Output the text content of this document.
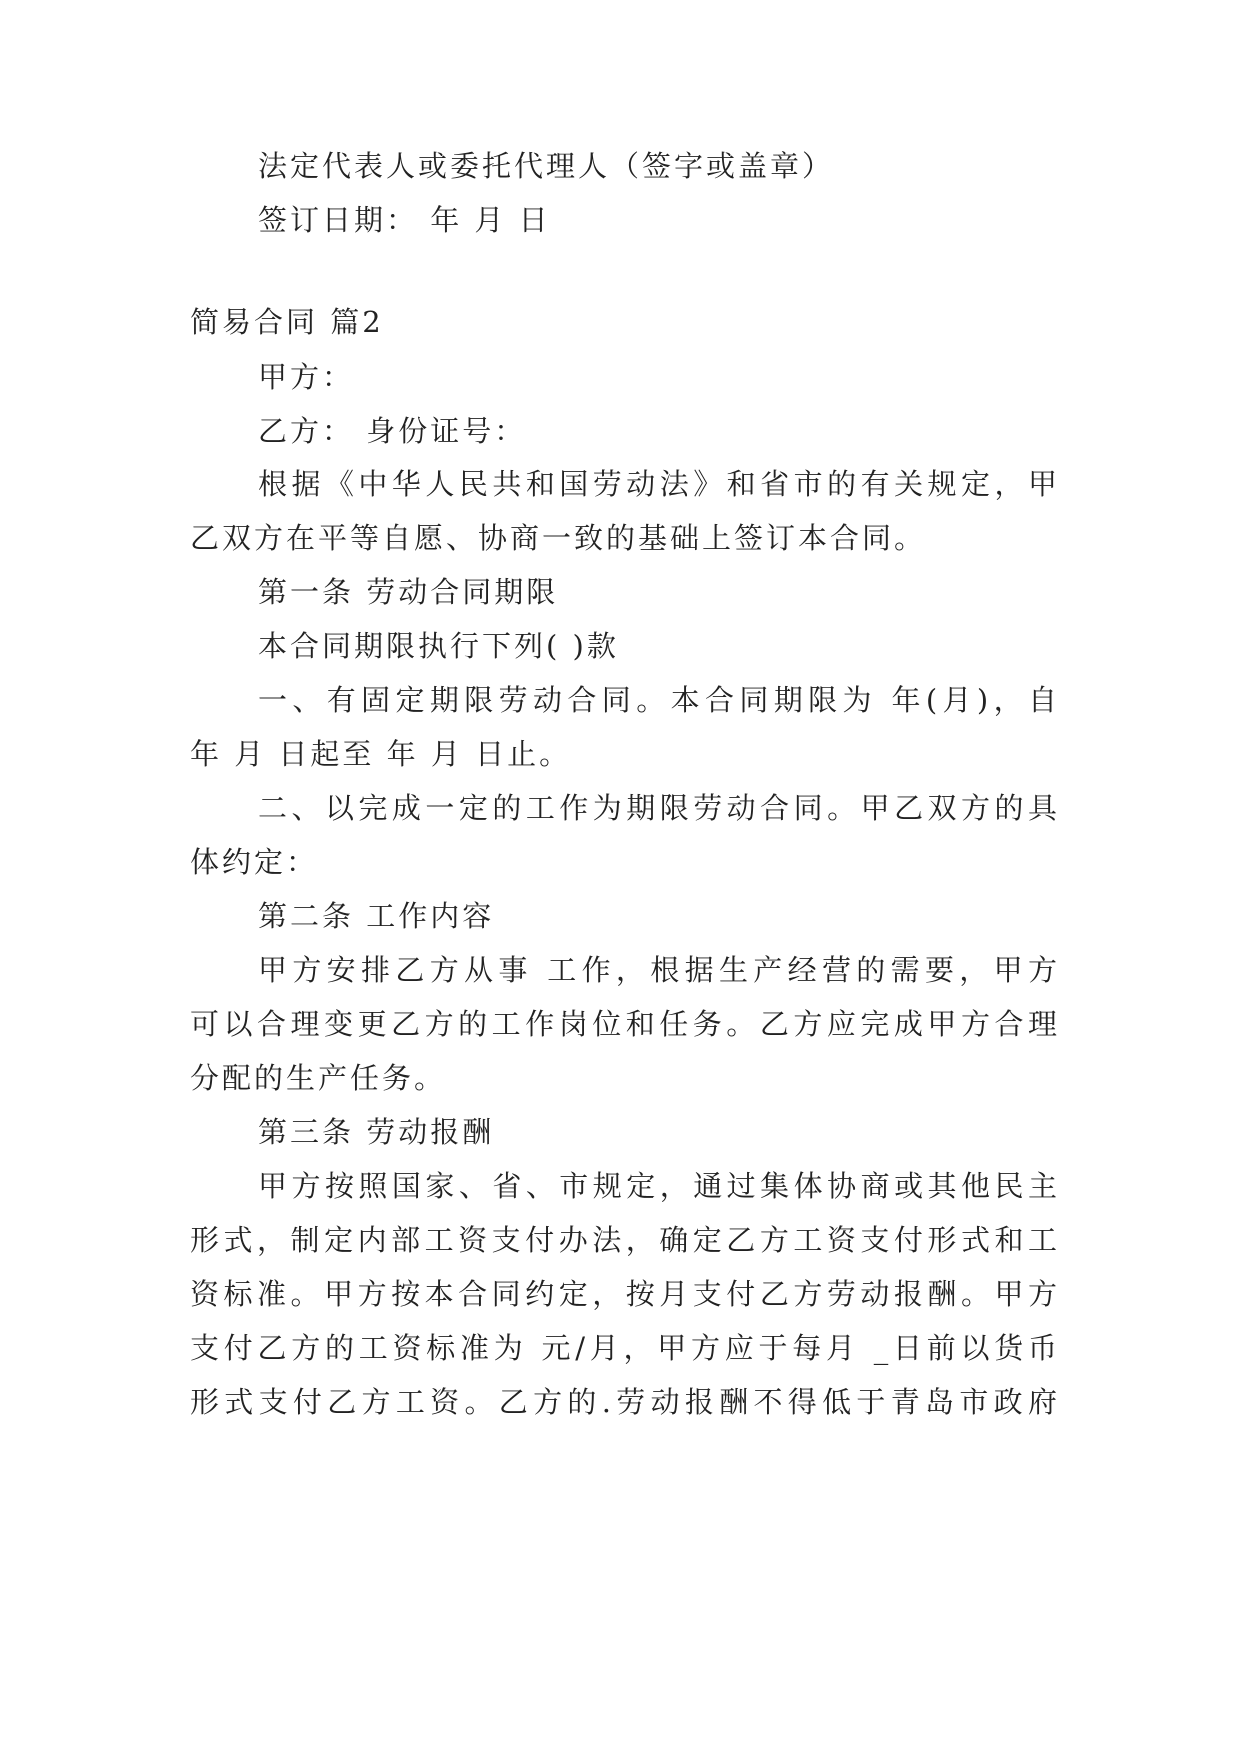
法定代表人或委托代理人（签字或盖章）
签订日期： 年 月 日
简易合同 篇2
甲方：
乙方： 身份证号：
根据《中华人民共和国劳动法》和省市的有关规定，甲
乙双方在平等自愿、协商一致的基础上签订本合同。
第一条 劳动合同期限
本合同期限执行下列( )款
一、有固定期限劳动合同。本合同期限为 年(月)，自
年 月 日起至 年 月 日止。
二、以完成一定的工作为期限劳动合同。甲乙双方的具
体约定：
第二条 工作内容
甲方安排乙方从事 工作，根据生产经营的需要，甲方
可以合理变更乙方的工作岗位和任务。乙方应完成甲方合理
分配的生产任务。
第三条 劳动报酬
甲方按照国家、省、市规定，通过集体协商或其他民主
形式，制定内部工资支付办法，确定乙方工资支付形式和工
资标准。甲方按本合同约定，按月支付乙方劳动报酬。甲方
支付乙方的工资标准为 元/月，甲方应于每月 _日前以货币
形式支付乙方工资。乙方的.劳动报酬不得低于青岛市政府
